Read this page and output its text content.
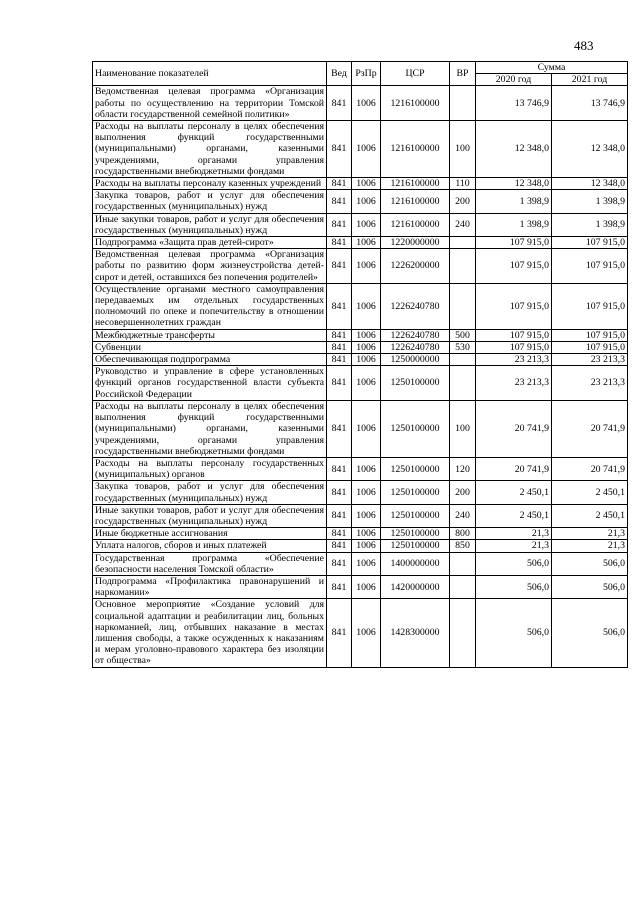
483
Наименование показателей	Вед	РзПр	ЦСР	ВР	Сумма	
					2020 год	2021 год
Ведомственная целевая программа «Организация работы по осуществлению на территории Томской области государственной семейной политики»	841	1006	1216100000		13 746,9	13 746,9
Расходы на выплаты персоналу в целях обеспечения выполнения функций государственными (муниципальными) органами, казенными учреждениями, органами управления государственными внебюджетными фондами	841	1006	1216100000	100	12 348,0	12 348,0
Расходы на выплаты персоналу казенных учреждений	841	1006	1216100000	110	12 348,0	12 348,0
Закупка товаров, работ и услуг для обеспечения государственных (муниципальных) нужд	841	1006	1216100000	200	1 398,9	1 398,9
Иные закупки товаров, работ и услуг для обеспечения государственных (муниципальных) нужд	841	1006	1216100000	240	1 398,9	1 398,9
Подпрограмма «Защита прав детей-сирот»	841	1006	1220000000		107 915,0	107 915,0
Ведомственная целевая программа «Организация работы по развитию форм жизнеустройства детей-сирот и детей, оставшихся без попечения родителей»	841	1006	1226200000		107 915,0	107 915,0
Осуществление органами местного самоуправления передаваемых им отдельных государственных полномочий по опеке и попечительству в отношении несовершеннолетних граждан	841	1006	1226240780		107 915,0	107 915,0
Межбюджетные трансферты	841	1006	1226240780	500	107 915,0	107 915,0
Субвенции	841	1006	1226240780	530	107 915,0	107 915,0
Обеспечивающая подпрограмма	841	1006	1250000000		23 213,3	23 213,3
Руководство и управление в сфере установленных функций органов государственной власти субъекта Российской Федерации	841	1006	1250100000		23 213,3	23 213,3
Расходы на выплаты персоналу в целях обеспечения выполнения функций государственными (муниципальными) органами, казенными учреждениями, органами управления государственными внебюджетными фондами	841	1006	1250100000	100	20 741,9	20 741,9
Расходы на выплаты персоналу государственных (муниципальных) органов	841	1006	1250100000	120	20 741,9	20 741,9
Закупка товаров, работ и услуг для обеспечения государственных (муниципальных) нужд	841	1006	1250100000	200	2 450,1	2 450,1
Иные закупки товаров, работ и услуг для обеспечения государственных (муниципальных) нужд	841	1006	1250100000	240	2 450,1	2 450,1
Иные бюджетные ассигнования	841	1006	1250100000	800	21,3	21,3
Уплата налогов, сборов и иных платежей	841	1006	1250100000	850	21,3	21,3
Государственная программа «Обеспечение безопасности населения Томской области»	841	1006	1400000000		506,0	506,0
Подпрограмма «Профилактика правонарушений и наркомании»	841	1006	1420000000		506,0	506,0
Основное мероприятие «Создание условий для социальной адаптации и реабилитации лиц, больных наркоманией, лиц, отбывших наказание в местах лишения свободы, а также осужденных к наказаниям и мерам уголовно-правового характера без изоляции от общества»	841	1006	1428300000		506,0	506,0
